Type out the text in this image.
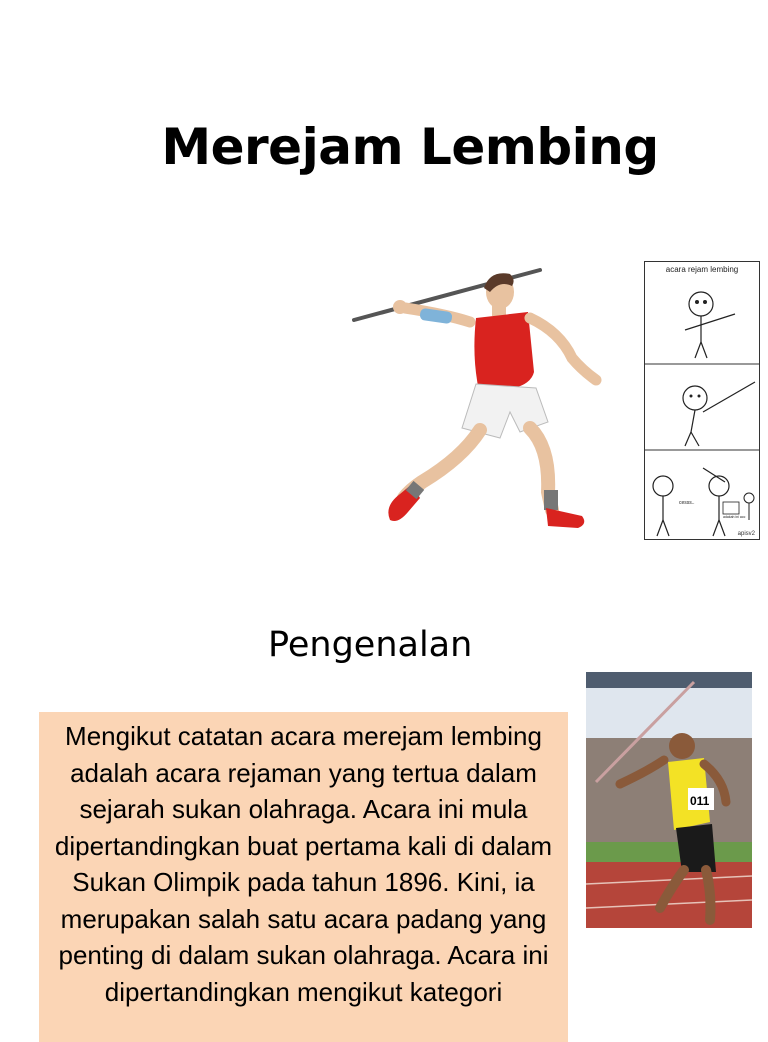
Merejam Lembing
cesss..
adakah ini acc
acara rejam lembing
apisv2
Pengenalan

Mengikut catatan acara merejam lembing adalah acara rejaman yang tertua dalam sejarah sukan olahraga. Acara ini mula dipertandingkan buat pertama kali di dalam Sukan Olimpik pada tahun 1896. Kini, ia merupakan salah satu acara padang yang penting di dalam sukan olahraga. Acara ini dipertandingkan mengikut kategori

011
